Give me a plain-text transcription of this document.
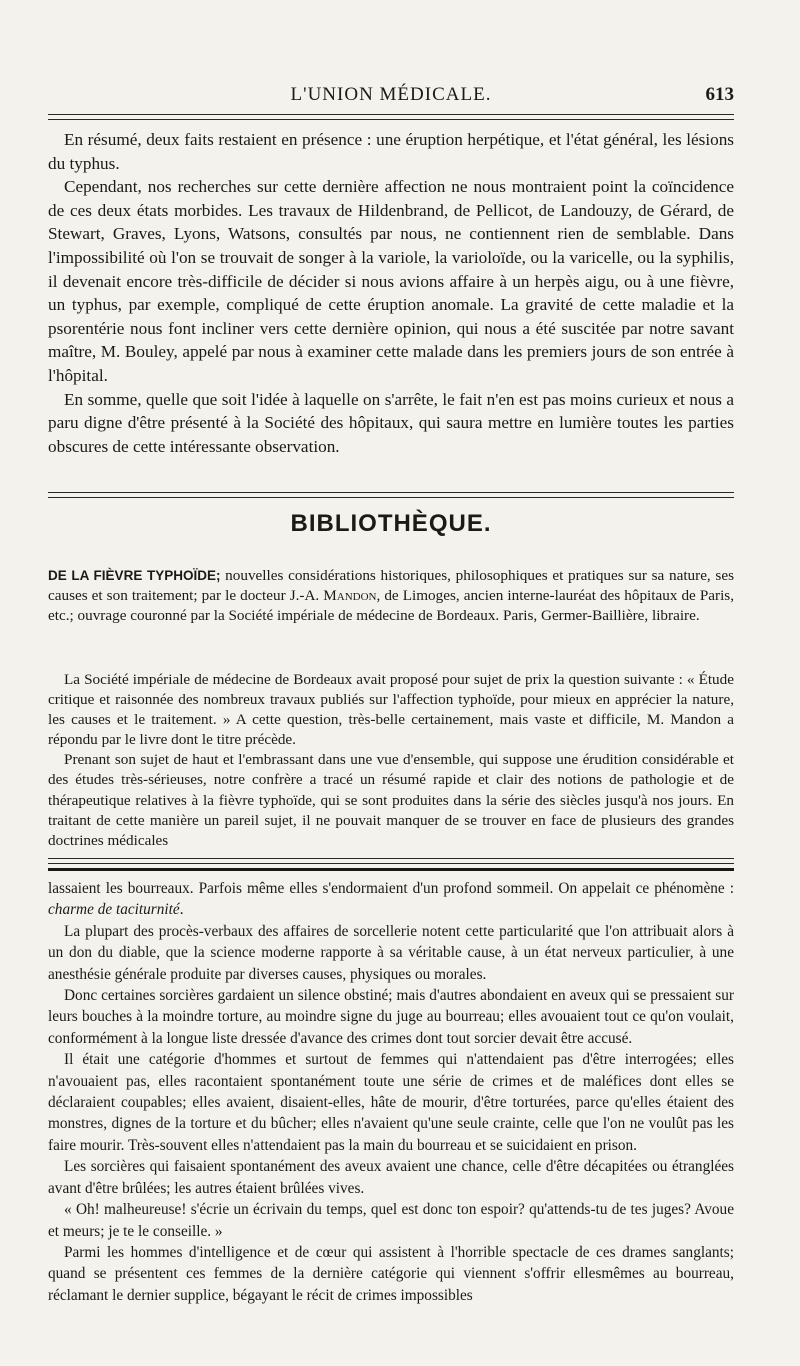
L'UNION MÉDICALE.	613

En résumé, deux faits restaient en présence : une éruption herpétique, et l'état général, les lésions du typhus.

Cependant, nos recherches sur cette dernière affection ne nous montraient point la coïncidence de ces deux états morbides. Les travaux de Hildenbrand, de Pellicot, de Landouzy, de Gérard, de Stewart, Graves, Lyons, Watsons, consultés par nous, ne contiennent rien de semblable. Dans l'impossibilité où l'on se trouvait de songer à la variole, la varioloïde, ou la varicelle, ou la syphilis, il devenait encore très-difficile de décider si nous avions affaire à un herpès aigu, ou à une fièvre, un typhus, par exemple, compliqué de cette éruption anomale. La gravité de cette maladie et la psorentérie nous font incliner vers cette dernière opinion, qui nous a été suscitée par notre savant maître, M. Bouley, appelé par nous à examiner cette malade dans les premiers jours de son entrée à l'hôpital.

En somme, quelle que soit l'idée à laquelle on s'arrête, le fait n'en est pas moins curieux et nous a paru digne d'être présenté à la Société des hôpitaux, qui saura mettre en lumière toutes les parties obscures de cette intéressante observation.

BIBLIOTHÈQUE.

DE LA FIÈVRE TYPHOÏDE; nouvelles considérations historiques, philosophiques et pratiques sur sa nature, ses causes et son traitement; par le docteur J.-A. Mandon, de Limoges, ancien interne-lauréat des hôpitaux de Paris, etc.; ouvrage couronné par la Société impériale de médecine de Bordeaux. Paris, Germer-Baillière, libraire.

La Société impériale de médecine de Bordeaux avait proposé pour sujet de prix la question suivante : « Étude critique et raisonnée des nombreux travaux publiés sur l'affection typhoïde, pour mieux en apprécier la nature, les causes et le traitement. » A cette question, très-belle certainement, mais vaste et difficile, M. Mandon a répondu par le livre dont le titre précède.

Prenant son sujet de haut et l'embrassant dans une vue d'ensemble, qui suppose une érudition considérable et des études très-sérieuses, notre confrère a tracé un résumé rapide et clair des notions de pathologie et de thérapeutique relatives à la fièvre typhoïde, qui se sont produites dans la série des siècles jusqu'à nos jours. En traitant de cette manière un pareil sujet, il ne pouvait manquer de se trouver en face de plusieurs des grandes doctrines médicales

lassaient les bourreaux. Parfois même elles s'endormaient d'un profond sommeil. On appelait ce phénomène : charme de taciturnité.

La plupart des procès-verbaux des affaires de sorcellerie notent cette particularité que l'on attribuait alors à un don du diable, que la science moderne rapporte à sa véritable cause, à un état nerveux particulier, à une anesthésie générale produite par diverses causes, physiques ou morales.

Donc certaines sorcières gardaient un silence obstiné; mais d'autres abondaient en aveux qui se pressaient sur leurs bouches à la moindre torture, au moindre signe du juge au bourreau; elles avouaient tout ce qu'on voulait, conformément à la longue liste dressée d'avance des crimes dont tout sorcier devait être accusé.

Il était une catégorie d'hommes et surtout de femmes qui n'attendaient pas d'être interrogées; elles n'avouaient pas, elles racontaient spontanément toute une série de crimes et de maléfices dont elles se déclaraient coupables; elles avaient, disaient-elles, hâte de mourir, d'être torturées, parce qu'elles étaient des monstres, dignes de la torture et du bûcher; elles n'avaient qu'une seule crainte, celle que l'on ne voulût pas les faire mourir. Très-souvent elles n'attendaient pas la main du bourreau et se suicidaient en prison.

Les sorcières qui faisaient spontanément des aveux avaient une chance, celle d'être décapitées ou étranglées avant d'être brûlées; les autres étaient brûlées vives.

« Oh! malheureuse! s'écrie un écrivain du temps, quel est donc ton espoir? qu'attends-tu de tes juges? Avoue et meurs; je te le conseille. »

Parmi les hommes d'intelligence et de cœur qui assistent à l'horrible spectacle de ces drames sanglants; quand se présentent ces femmes de la dernière catégorie qui viennent s'offrir ellesmêmes au bourreau, réclamant le dernier supplice, bégayant le récit de crimes impossibles
